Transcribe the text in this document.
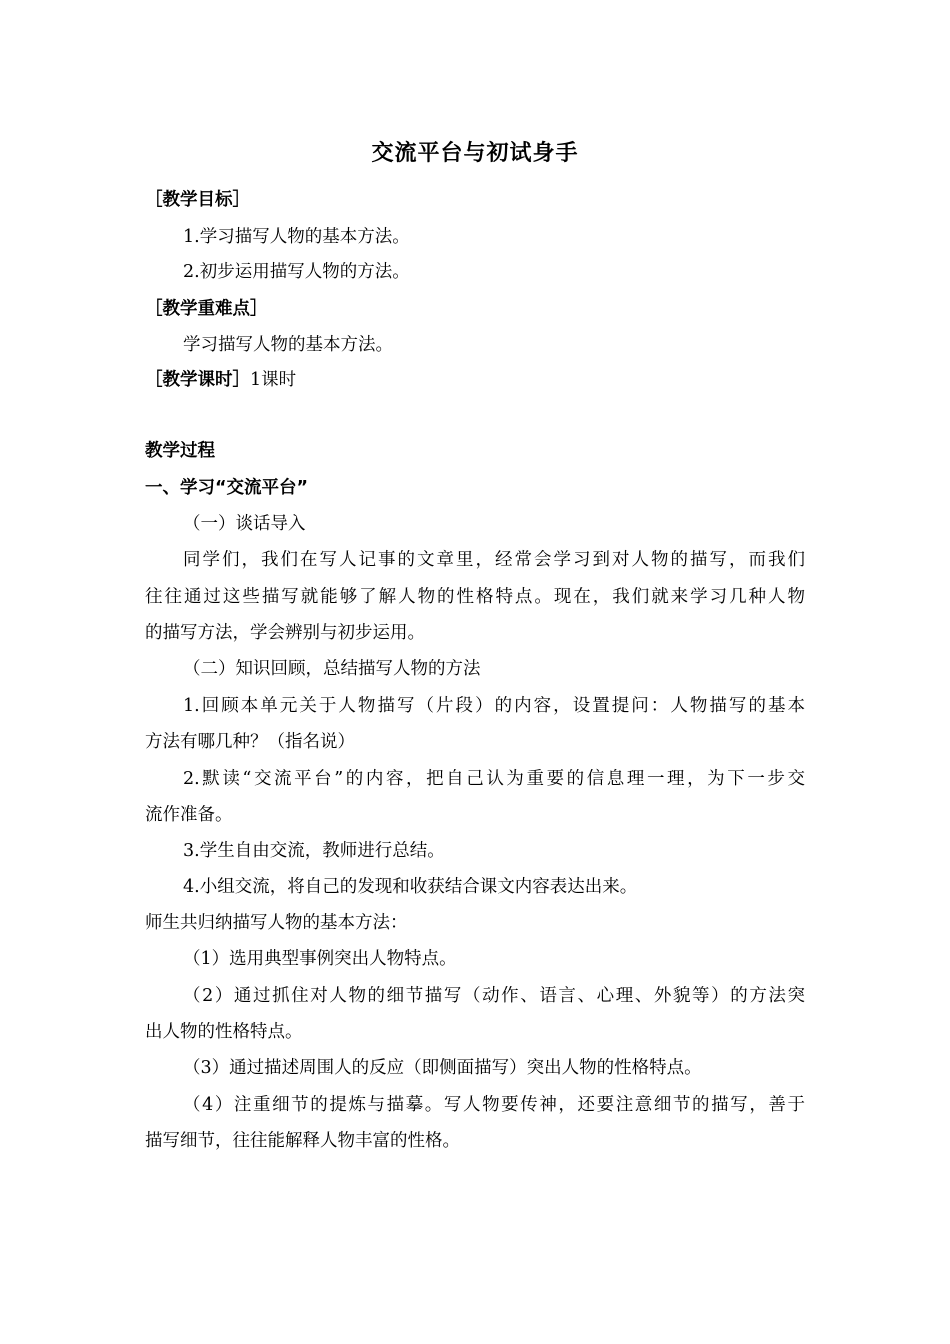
交流平台与初试身手
［教学目标］
1.学习描写人物的基本方法。
2.初步运用描写人物的方法。
［教学重难点］
学习描写人物的基本方法。
［教学课时］1课时
教学过程
一、学习“交流平台”
（一）谈话导入
同学们，我们在写人记事的文章里，经常会学习到对人物的描写，而我们
往往通过这些描写就能够了解人物的性格特点。现在，我们就来学习几种人物
的描写方法，学会辨别与初步运用。
（二）知识回顾，总结描写人物的方法
1.回顾本单元关于人物描写（片段）的内容，设置提问：人物描写的基本
方法有哪几种？（指名说）
2.默读“交流平台”的内容，把自己认为重要的信息理一理，为下一步交
流作准备。
3.学生自由交流，教师进行总结。
4.小组交流，将自己的发现和收获结合课文内容表达出来。
师生共归纳描写人物的基本方法：
（1）选用典型事例突出人物特点。
（2）通过抓住对人物的细节描写（动作、语言、心理、外貌等）的方法突
出人物的性格特点。
（3）通过描述周围人的反应（即侧面描写）突出人物的性格特点。
（4）注重细节的提炼与描摹。写人物要传神，还要注意细节的描写，善于
描写细节，往往能解释人物丰富的性格。
